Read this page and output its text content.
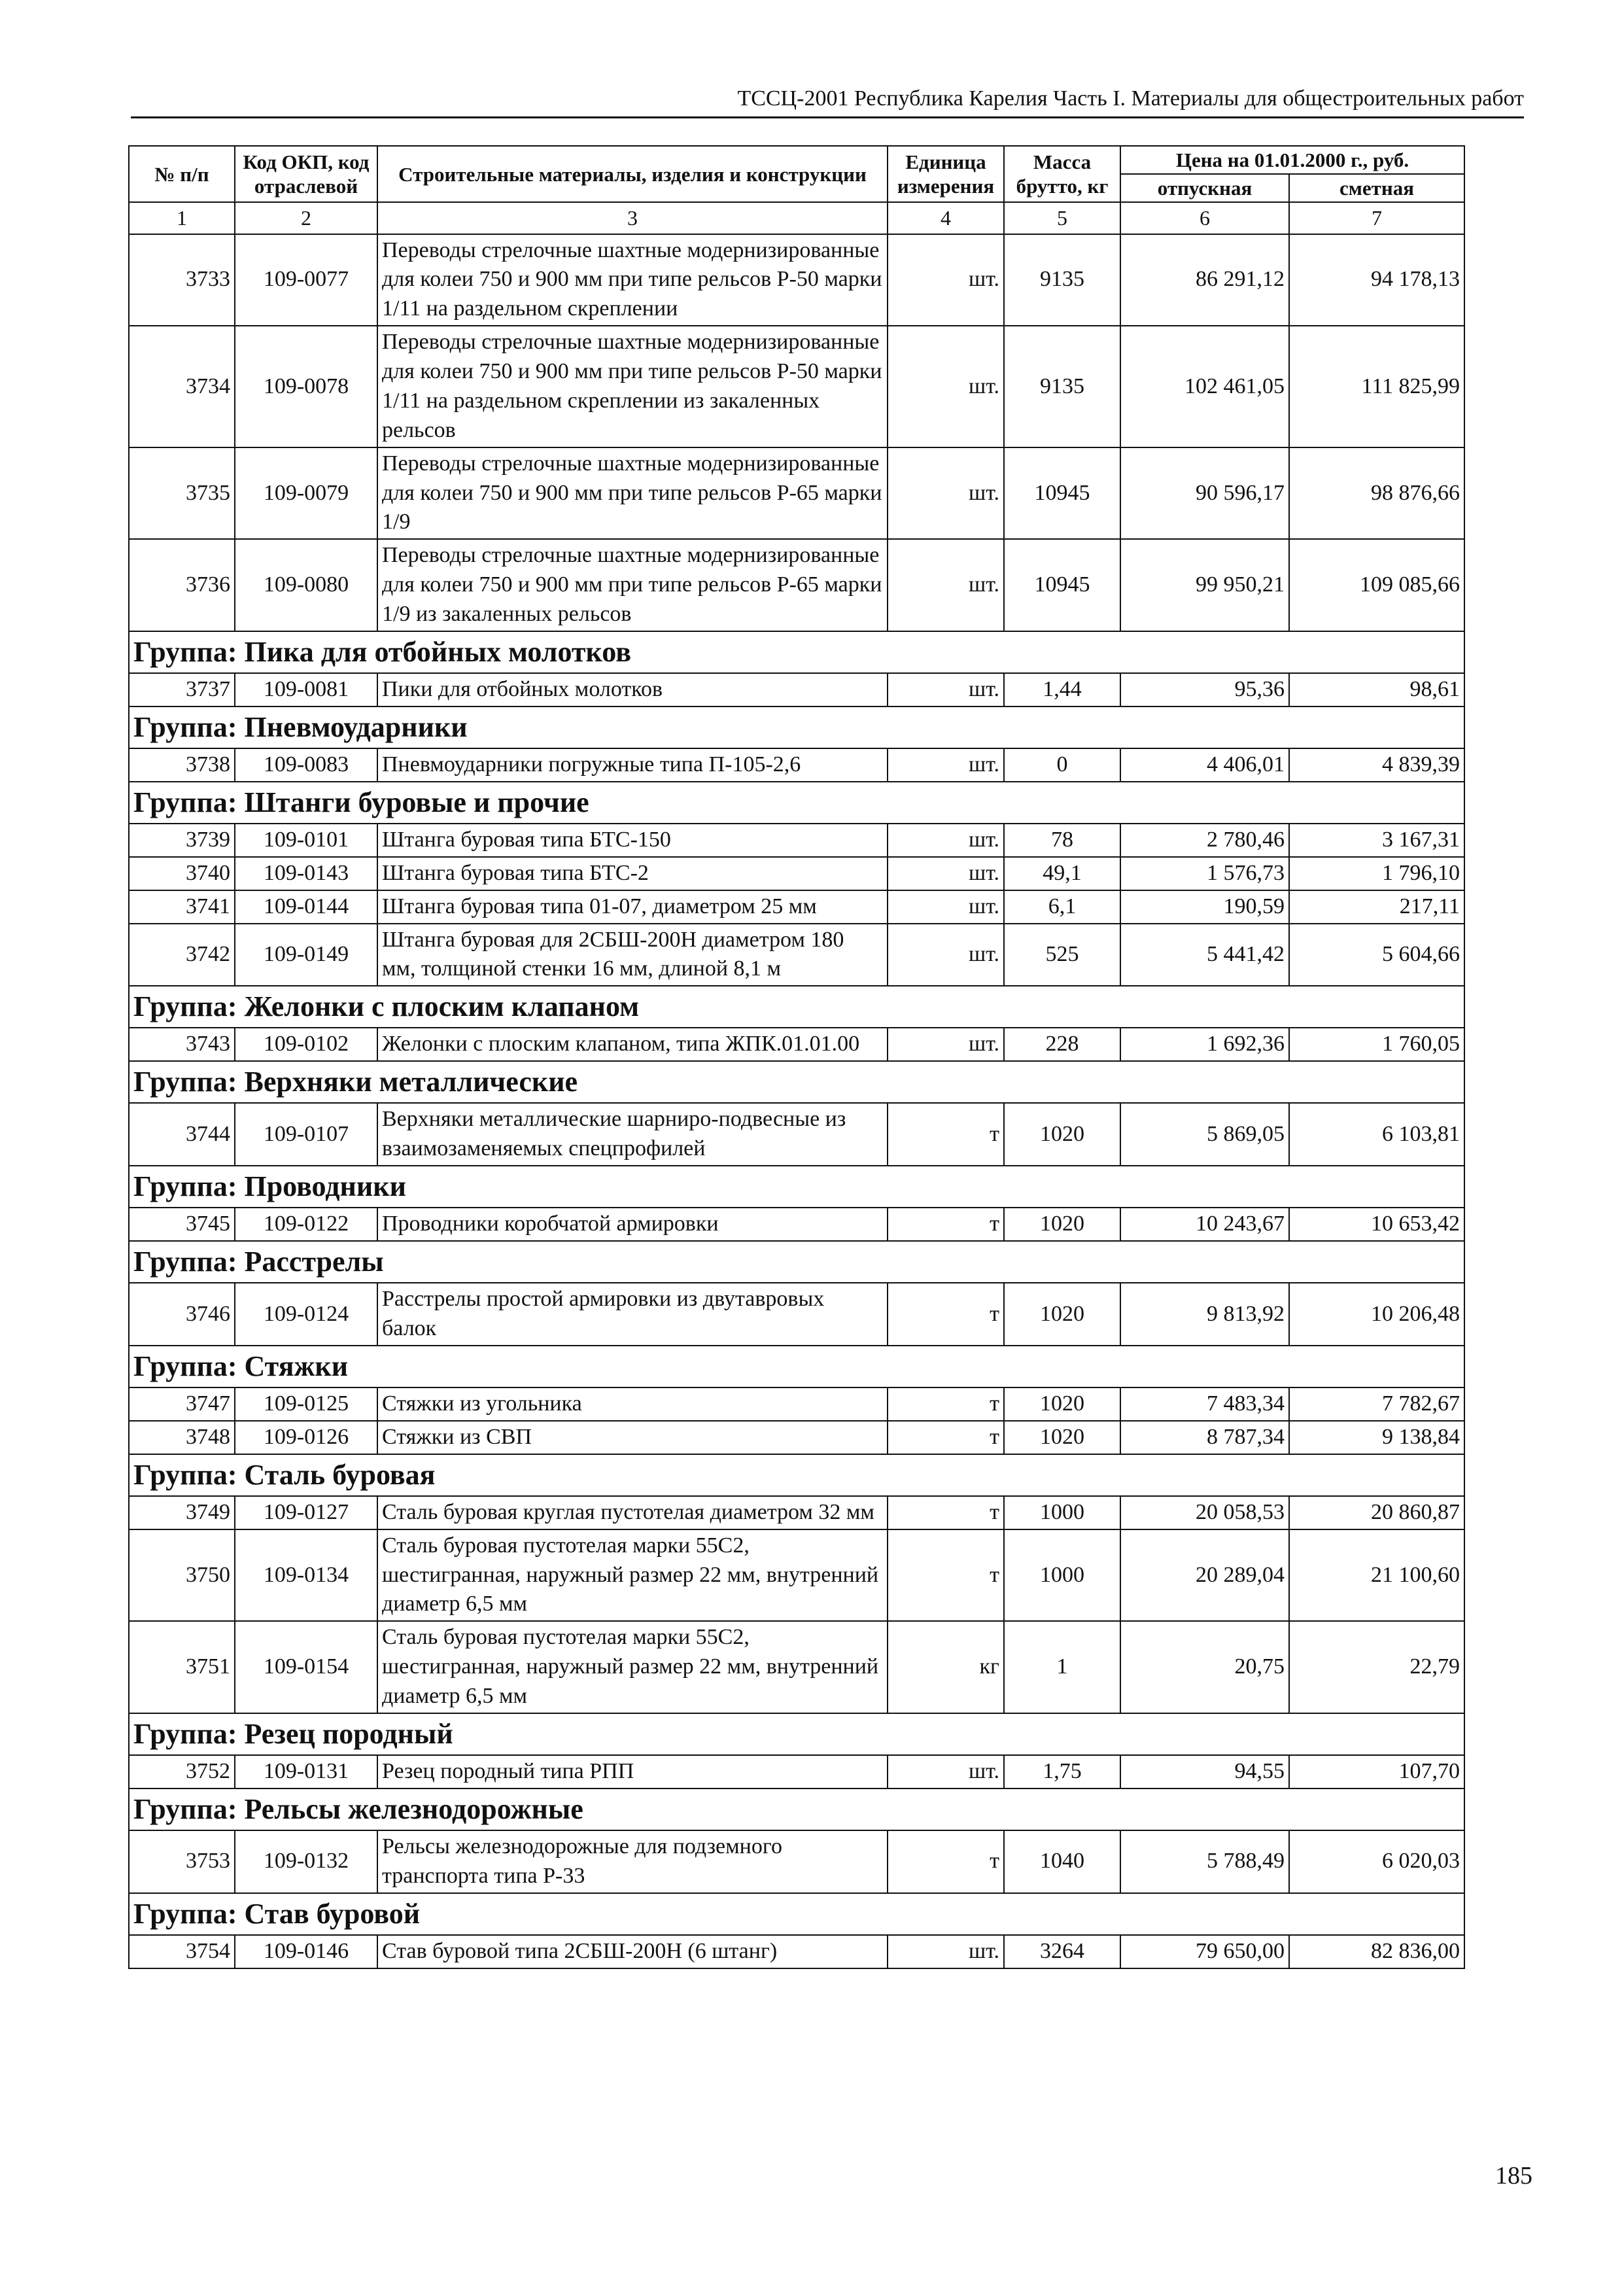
ТССЦ-2001 Республика Карелия Часть I. Материалы для общестроительных работ
№ п/п	Код ОКП, код отраслевой	Строительные материалы, изделия и конструкции	Единица измерения	Масса брутто, кг	Цена на 01.01.2000 г., руб.	
					отпускная	сметная
1	2	3	4	5	6	7
3733	109-0077	Переводы стрелочные шахтные модернизированные для колеи 750 и 900 мм при типе рельсов Р-50 марки 1/11 на раздельном скреплении	шт.	9135	86 291,12	94 178,13
3734	109-0078	Переводы стрелочные шахтные модернизированные для колеи 750 и 900 мм при типе рельсов Р-50 марки 1/11 на раздельном скреплении из закаленных рельсов	шт.	9135	102 461,05	111 825,99
3735	109-0079	Переводы стрелочные шахтные модернизированные для колеи 750 и 900 мм при типе рельсов Р-65 марки 1/9	шт.	10945	90 596,17	98 876,66
3736	109-0080	Переводы стрелочные шахтные модернизированные для колеи 750 и 900 мм при типе рельсов Р-65 марки 1/9 из закаленных рельсов	шт.	10945	99 950,21	109 085,66
Группа: Пика для отбойных молотков						
3737	109-0081	Пики для отбойных молотков	шт.	1,44	95,36	98,61
Группа: Пневмоударники						
3738	109-0083	Пневмоударники погружные типа П-105-2,6	шт.	0	4 406,01	4 839,39
Группа: Штанги буровые и прочие						
3739	109-0101	Штанга буровая типа БТС-150	шт.	78	2 780,46	3 167,31
3740	109-0143	Штанга буровая типа БТС-2	шт.	49,1	1 576,73	1 796,10
3741	109-0144	Штанга буровая типа 01-07, диаметром 25 мм	шт.	6,1	190,59	217,11
3742	109-0149	Штанга буровая для 2СБШ-200Н диаметром 180 мм, толщиной стенки 16 мм, длиной 8,1 м	шт.	525	5 441,42	5 604,66
Группа: Желонки с плоским клапаном						
3743	109-0102	Желонки с плоским клапаном, типа ЖПК.01.01.00	шт.	228	1 692,36	1 760,05
Группа: Верхняки металлические						
3744	109-0107	Верхняки металлические шарниро-подвесные из взаимозаменяемых спецпрофилей	т	1020	5 869,05	6 103,81
Группа: Проводники						
3745	109-0122	Проводники коробчатой армировки	т	1020	10 243,67	10 653,42
Группа: Расстрелы						
3746	109-0124	Расстрелы простой армировки из двутавровых балок	т	1020	9 813,92	10 206,48
Группа: Стяжки						
3747	109-0125	Стяжки из угольника	т	1020	7 483,34	7 782,67
3748	109-0126	Стяжки из СВП	т	1020	8 787,34	9 138,84
Группа: Сталь буровая						
3749	109-0127	Сталь буровая круглая пустотелая диаметром 32 мм	т	1000	20 058,53	20 860,87
3750	109-0134	Сталь буровая пустотелая марки 55С2, шестигранная, наружный размер 22 мм, внутренний диаметр 6,5 мм	т	1000	20 289,04	21 100,60
3751	109-0154	Сталь буровая пустотелая марки 55С2, шестигранная, наружный размер 22 мм, внутренний диаметр 6,5 мм	кг	1	20,75	22,79
Группа: Резец породный						
3752	109-0131	Резец породный типа РПП	шт.	1,75	94,55	107,70
Группа: Рельсы железнодорожные						
3753	109-0132	Рельсы железнодорожные для подземного транспорта типа Р-33	т	1040	5 788,49	6 020,03
Группа: Став буровой						
3754	109-0146	Став буровой типа 2СБШ-200Н (6 штанг)	шт.	3264	79 650,00	82 836,00
185
